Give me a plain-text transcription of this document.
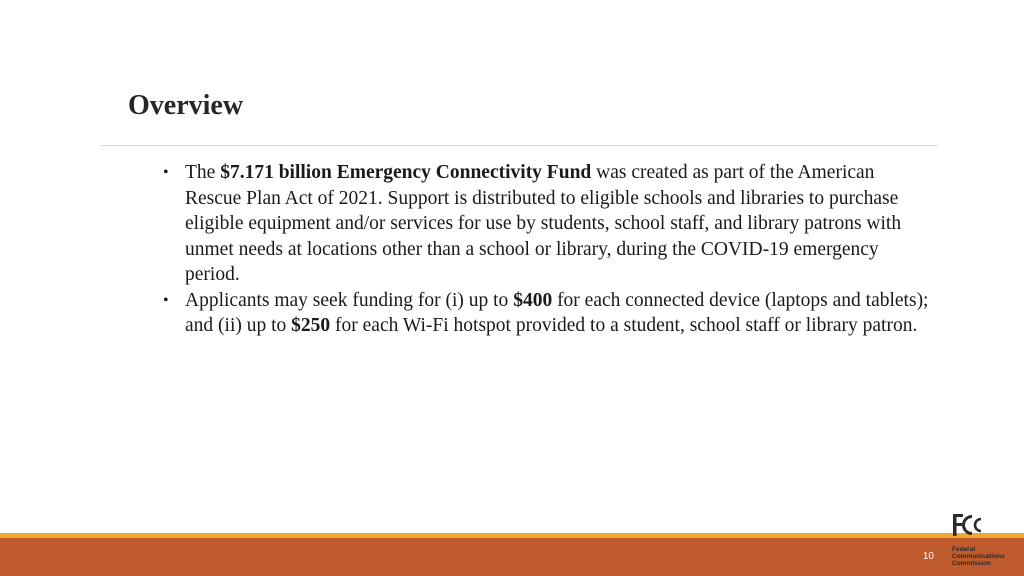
Overview
• The $7.171 billion Emergency Connectivity Fund was created as part of the American Rescue Plan Act of 2021. Support is distributed to eligible schools and libraries to purchase eligible equipment and/or services for use by students, school staff, and library patrons with unmet needs at locations other than a school or library, during the COVID-19 emergency period.
• Applicants may seek funding for (i) up to $400 for each connected device (laptops and tablets); and (ii) up to $250 for each Wi-Fi hotspot provided to a student, school staff or library patron.
10
Federal
Communications
Commission
